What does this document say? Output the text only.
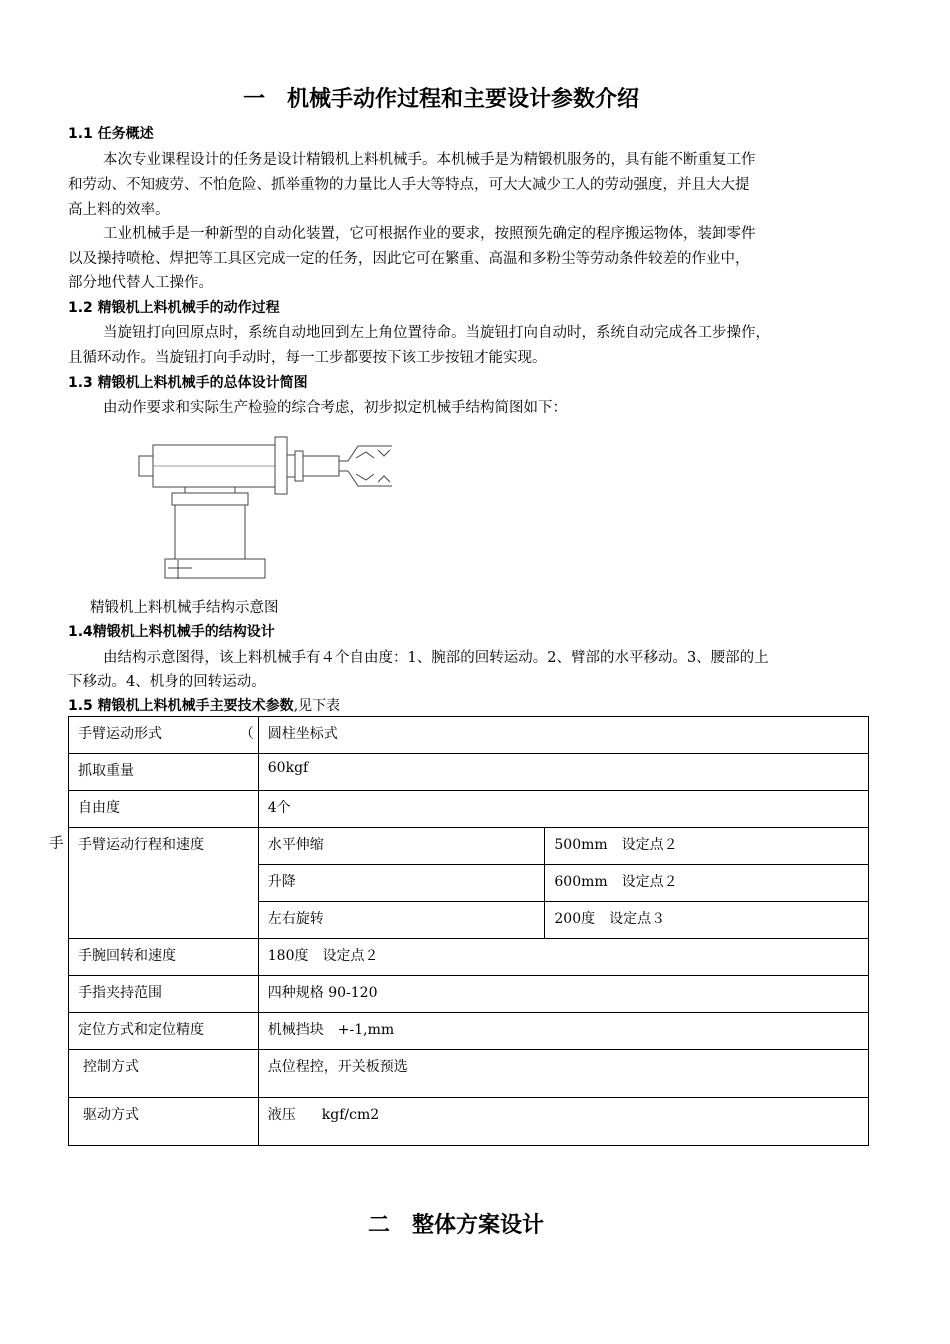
一　机械手动作过程和主要设计参数介绍
1.1 任务概述
本次专业课程设计的任务是设计精锻机上料机械手。本机械手是为精锻机服务的，具有能不断重复工作
和劳动、不知疲劳、不怕危险、抓举重物的力量比人手大等特点，可大大减少工人的劳动强度，并且大大提
高上料的效率。
工业机械手是一种新型的自动化装置，它可根据作业的要求，按照预先确定的程序搬运物体，装卸零件
以及操持喷枪、焊把等工具区完成一定的任务，因此它可在繁重、高温和多粉尘等劳动条件较差的作业中，
部分地代替人工操作。
1.2 精锻机上料机械手的动作过程
当旋钮打向回原点时，系统自动地回到左上角位置待命。当旋钮打向自动时，系统自动完成各工步操作，
且循环动作。当旋钮打向手动时，每一工步都要按下该工步按钮才能实现。
1.3 精锻机上料机械手的总体设计简图
由动作要求和实际生产检验的综合考虑，初步拟定机械手结构简图如下：
精锻机上料机械手结构示意图
1.4精锻机上料机械手的结构设计
由结构示意图得，该上料机械手有４个自由度：1、腕部的回转运动。2、臂部的水平移动。3、腰部的上
下移动。4、机身的回转运动。
1.5 精锻机上料机械手主要技术参数,见下表
手
手臂运动形式 （	圆柱坐标式	
抓取重量	60kgf	
自由度	4个	
手臂运动行程和速度	水平伸缩	500mm 设定点２
	升降	600mm 设定点２
	左右旋转	200度 设定点３
手腕回转和速度	180度 设定点２	
手指夹持范围	四种规格 90-120	
定位方式和定位精度	机械挡块 +-1,mm	
控制方式	点位程控，开关板预选	
驱动方式	液压 kgf/cm2	
二　整体方案设计
